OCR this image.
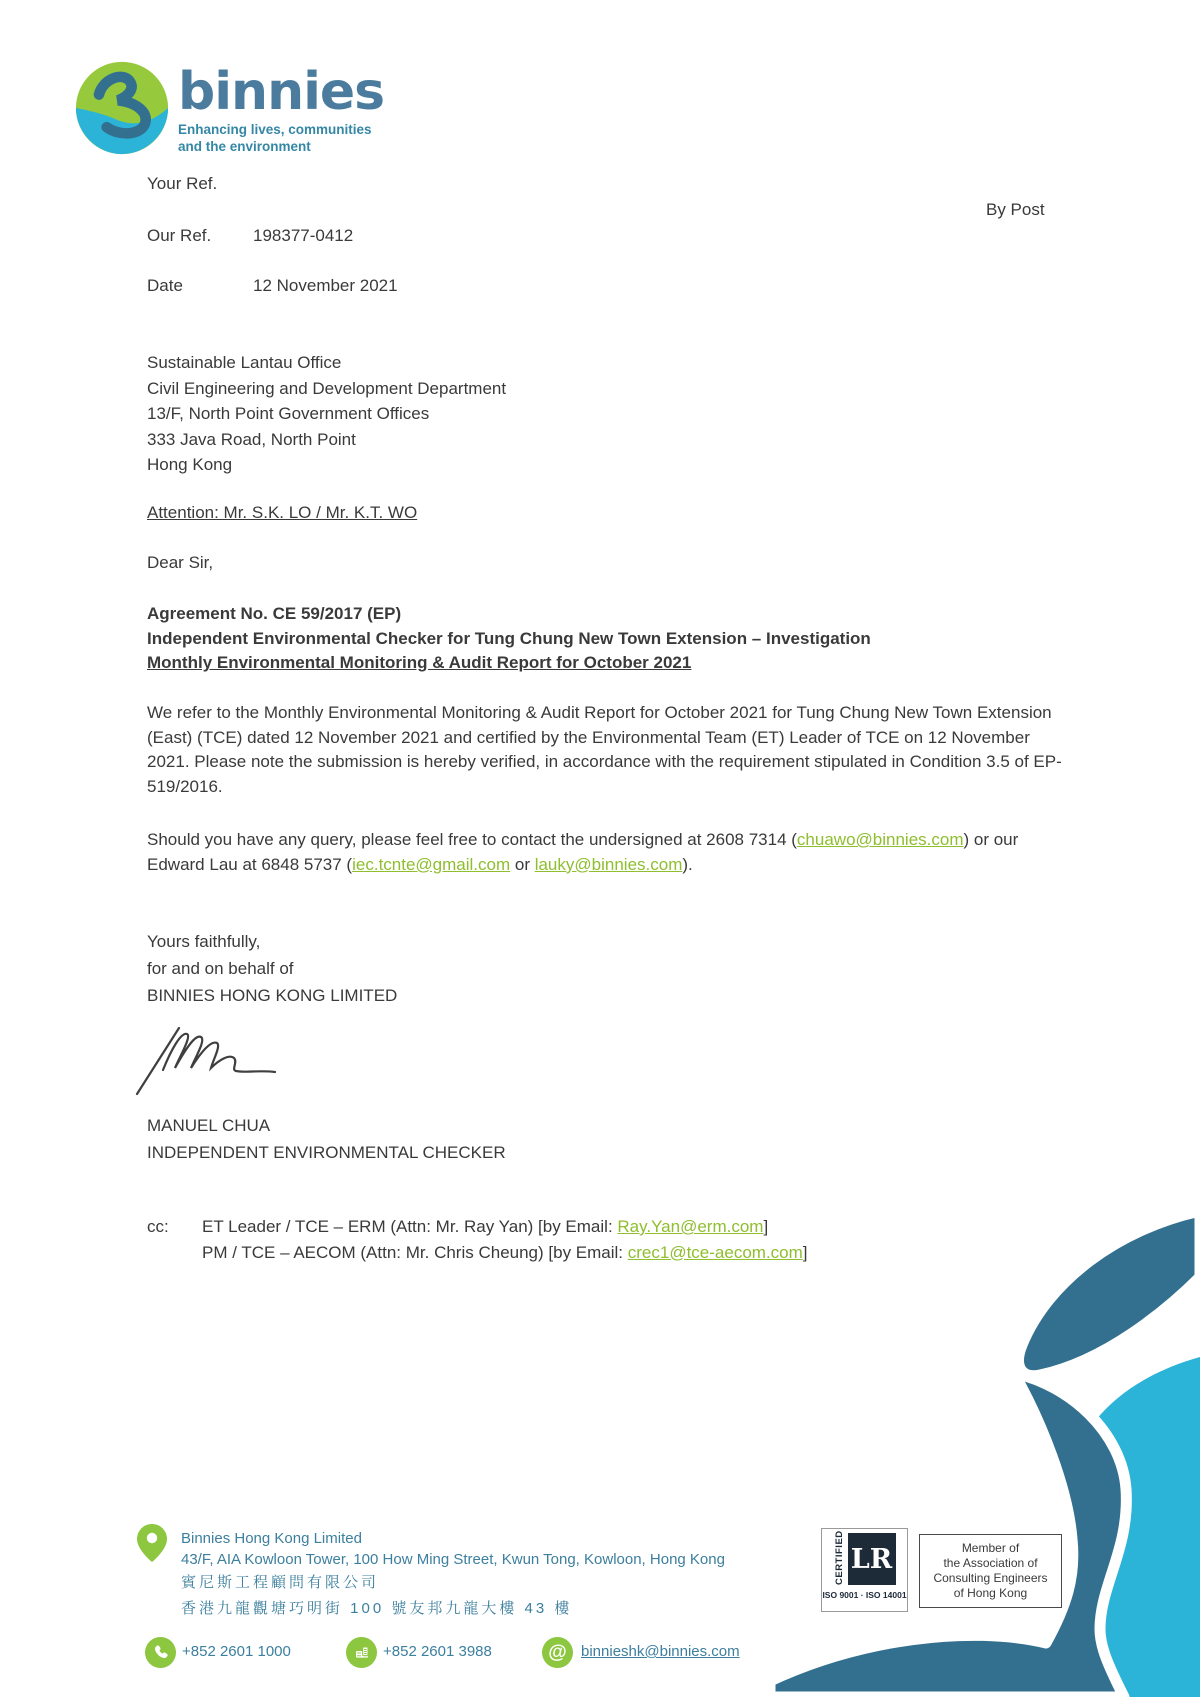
binnies
Enhancing lives, communities
and the environment
Your Ref.
By Post
Our Ref.	198377-0412
Date	12 November 2021
Sustainable Lantau Office
Civil Engineering and Development Department
13/F, North Point Government Offices
333 Java Road, North Point
Hong Kong
Attention: Mr. S.K. LO / Mr. K.T. WO
Dear Sir,
Agreement No. CE 59/2017 (EP)
Independent Environmental Checker for Tung Chung New Town Extension – Investigation
Monthly Environmental Monitoring & Audit Report for October 2021
We refer to the Monthly Environmental Monitoring & Audit Report for October 2021 for Tung Chung New Town Extension (East) (TCE) dated 12 November 2021 and certified by the Environmental Team (ET) Leader of TCE on 12 November 2021. Please note the submission is hereby verified, in accordance with the requirement stipulated in Condition 3.5 of EP-519/2016.
Should you have any query, please feel free to contact the undersigned at 2608 7314 (chuawo@binnies.com) or our Edward Lau at 6848 5737 (iec.tcnte@gmail.com or lauky@binnies.com).
Yours faithfully,
for and on behalf of
BINNIES HONG KONG LIMITED
MANUEL CHUA
INDEPENDENT ENVIRONMENTAL CHECKER
cc:	ET Leader / TCE – ERM (Attn: Mr. Ray Yan) [by Email: Ray.Yan@erm.com]
PM / TCE – AECOM (Attn: Mr. Chris Cheung) [by Email: crec1@tce-aecom.com]
Binnies Hong Kong Limited
43/F, AIA Kowloon Tower, 100 How Ming Street, Kwun Tong, Kowloon, Hong Kong
賓尼斯工程顧問有限公司
香港九龍觀塘巧明街 100 號友邦九龍大樓 43 樓
+852 2601 1000	+852 2601 3988	@ binnieshk@binnies.com
CERTIFIED LR
ISO 9001 · ISO 14001
Member of
the Association of
Consulting Engineers
of Hong Kong
